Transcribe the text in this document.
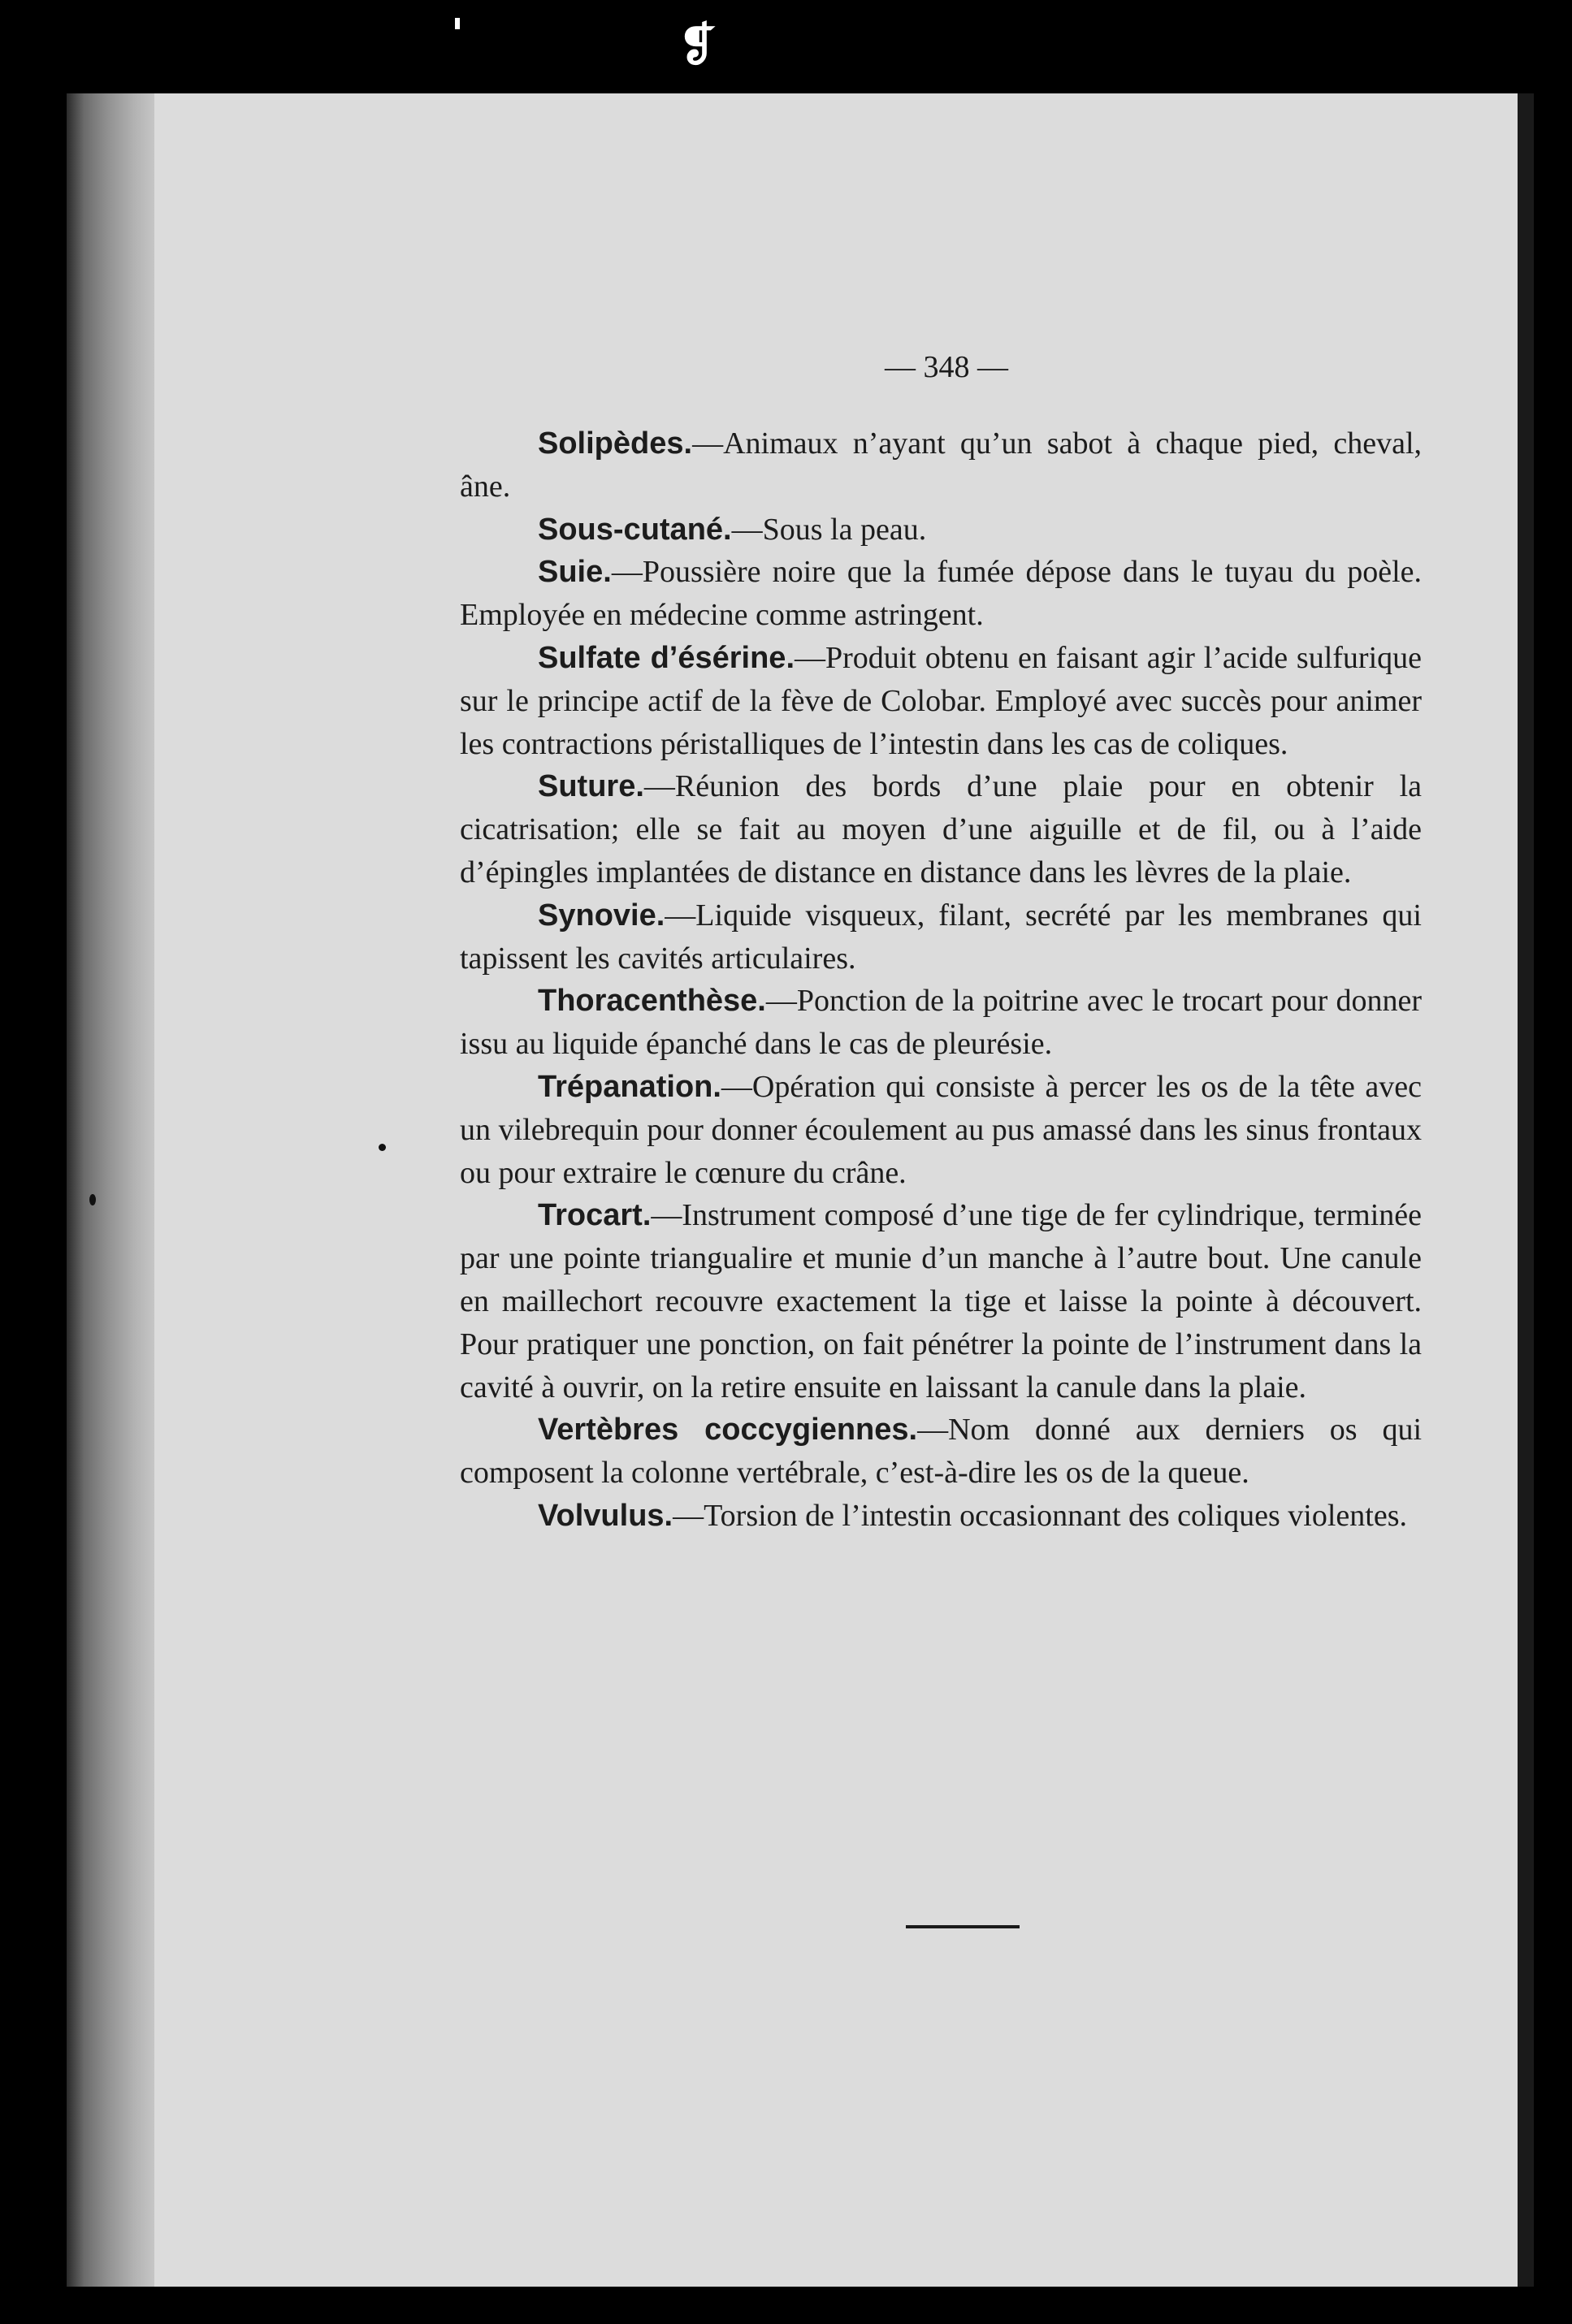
❡
— 348 —

Solipèdes.—Animaux n’ayant qu’un sabot à chaque pied, cheval, âne.

Sous-cutané.—Sous la peau.

Suie.—Poussière noire que la fumée dépose dans le tuyau du poèle. Employée en médecine comme astringent.

Sulfate d’ésérine.—Produit obtenu en faisant agir l’acide sulfurique sur le principe actif de la fève de Colobar. Employé avec succès pour animer les contractions péristalliques de l’intestin dans les cas de coliques.

Suture.—Réunion des bords d’une plaie pour en obtenir la cicatrisation; elle se fait au moyen d’une aiguille et de fil, ou à l’aide d’épingles implantées de distance en distance dans les lèvres de la plaie.

Synovie.—Liquide visqueux, filant, secrété par les membranes qui tapissent les cavités articulaires.

Thoracenthèse.—Ponction de la poitrine avec le trocart pour donner issu au liquide épanché dans le cas de pleurésie.

Trépanation.—Opération qui consiste à percer les os de la tête avec un vilebrequin pour donner écoulement au pus amassé dans les sinus frontaux ou pour extraire le cœnure du crâne.

Trocart.—Instrument composé d’une tige de fer cylindrique, terminée par une pointe triangualire et munie d’un manche à l’autre bout. Une canule en maillechort recouvre exactement la tige et laisse la pointe à découvert. Pour pratiquer une ponction, on fait pénétrer la pointe de l’instrument dans la cavité à ouvrir, on la retire ensuite en laissant la canule dans la plaie.

Vertèbres coccygiennes.—Nom donné aux derniers os qui composent la colonne vertébrale, c’est-à-dire les os de la queue.

Volvulus.—Torsion de l’intestin occasionnant des coliques violentes.
